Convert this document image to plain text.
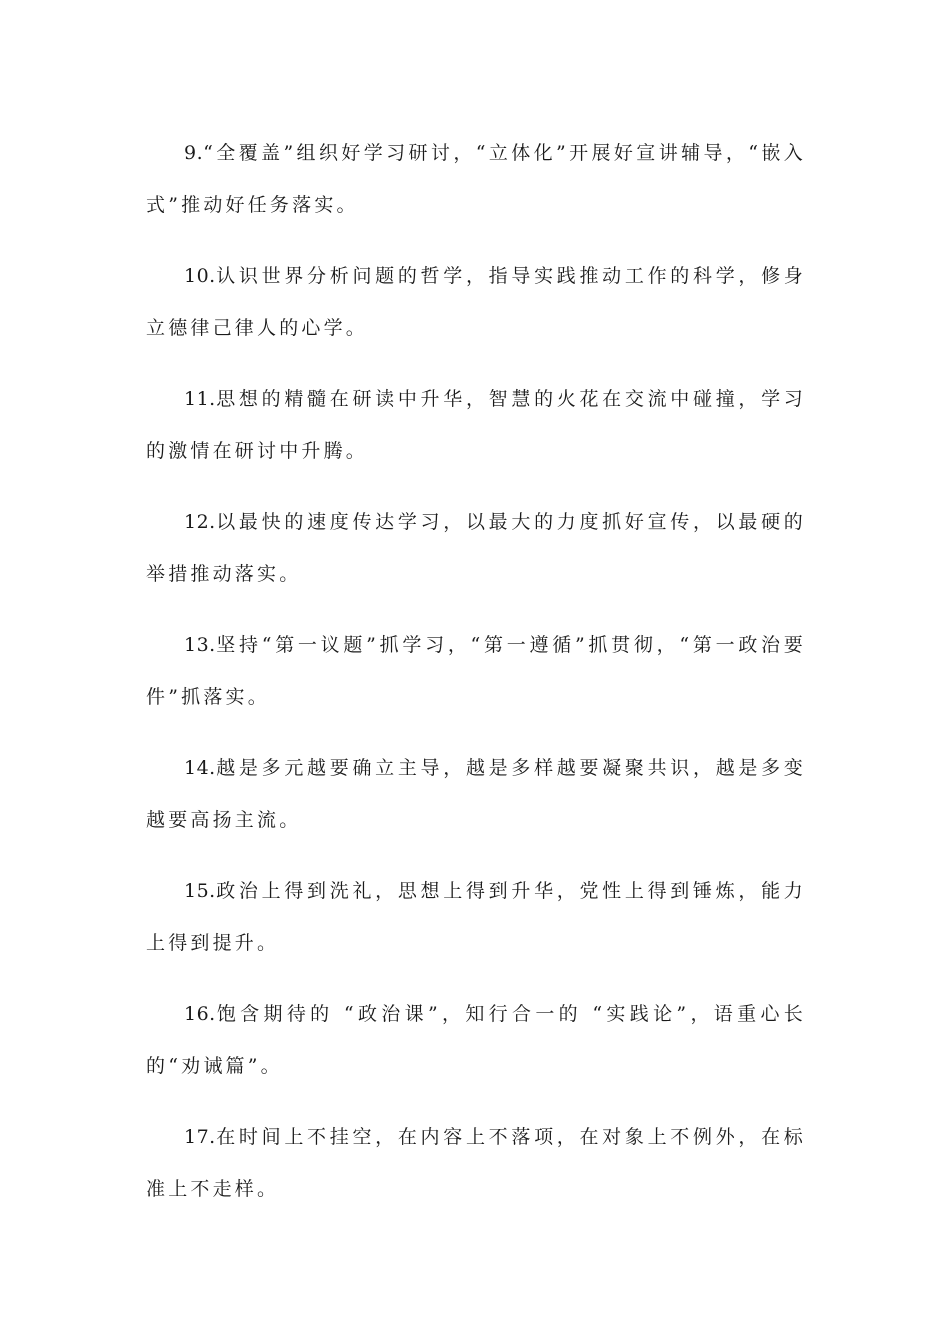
9.“全覆盖”组织好学习研讨，“立体化”开展好宣讲辅导，“嵌入式”推动好任务落实。

10.认识世界分析问题的哲学，指导实践推动工作的科学，修身立德律己律人的心学。

11.思想的精髓在研读中升华，智慧的火花在交流中碰撞，学习的激情在研讨中升腾。

12.以最快的速度传达学习，以最大的力度抓好宣传，以最硬的举措推动落实。

13.坚持“第一议题”抓学习，“第一遵循”抓贯彻，“第一政治要件”抓落实。

14.越是多元越要确立主导，越是多样越要凝聚共识，越是多变越要高扬主流。

15.政治上得到洗礼，思想上得到升华，党性上得到锤炼，能力上得到提升。

16.饱含期待的 “政治课”，知行合一的 “实践论”，语重心长的“劝诫篇”。

17.在时间上不挂空，在内容上不落项，在对象上不例外，在标准上不走样。
